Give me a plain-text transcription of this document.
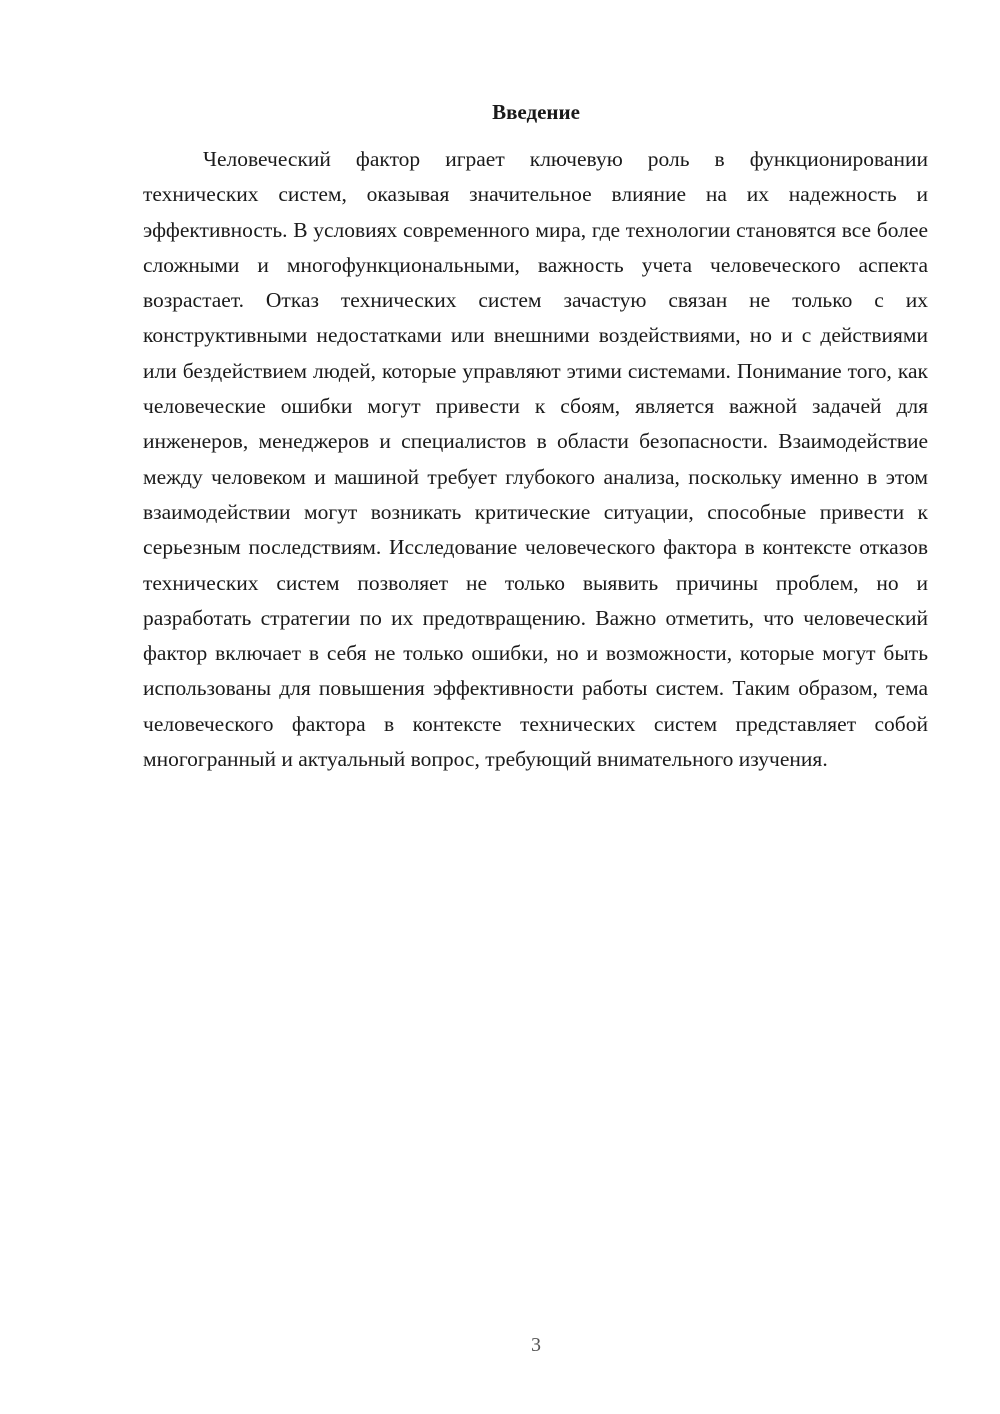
Введение

Человеческий фактор играет ключевую роль в функционировании технических систем, оказывая значительное влияние на их надежность и эффективность. В условиях современного мира, где технологии становятся все более сложными и многофункциональными, важность учета человеческого аспекта возрастает. Отказ технических систем зачастую связан не только с их конструктивными недостатками или внешними воздействиями, но и с действиями или бездействием людей, которые управляют этими системами. Понимание того, как человеческие ошибки могут привести к сбоям, является важной задачей для инженеров, менеджеров и специалистов в области безопасности. Взаимодействие между человеком и машиной требует глубокого анализа, поскольку именно в этом взаимодействии могут возникать критические ситуации, способные привести к серьезным последствиям. Исследование человеческого фактора в контексте отказов технических систем позволяет не только выявить причины проблем, но и разработать стратегии по их предотвращению. Важно отметить, что человеческий фактор включает в себя не только ошибки, но и возможности, которые могут быть использованы для повышения эффективности работы систем. Таким образом, тема человеческого фактора в контексте технических систем представляет собой многогранный и актуальный вопрос, требующий внимательного изучения.

3
